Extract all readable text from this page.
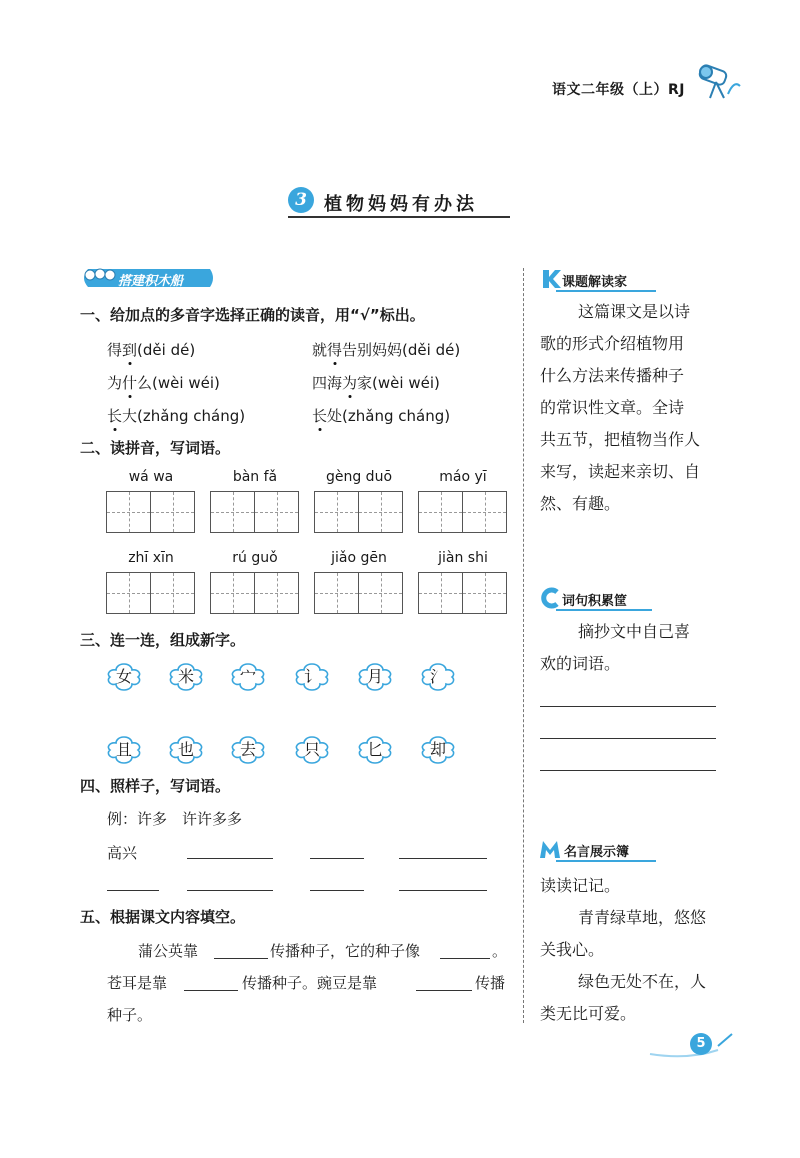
语文二年级（上）RJ
3 植物妈妈有办法
搭建积木船
一、给加点的多音字选择正确的读音，用“√”标出。
得到(děi dé)	就得告别妈妈(děi dé)
为什么(wèi wéi)	四海为家(wèi wéi)
长大(zhǎng cháng)	长处(zhǎng cháng)
二、读拼音，写词语。
wá wa	bàn fǎ	gèng duō	máo yī
zhī xīn	rú guǒ	jiǎo gēn	jiàn shi
三、连一连，组成新字。
女	米	宀	讠	月	氵
且	也	去	只	匕	却
四、照样子，写词语。
例：许多　许许多多
高兴
五、根据课文内容填空。
蒲公英靠	传播种子，它的种子像	。
苍耳是靠	传播种子。豌豆是靠	传播
种子。
课题解读家
这篇课文是以诗
歌的形式介绍植物用
什么方法来传播种子
的常识性文章。全诗
共五节，把植物当作人
来写，读起来亲切、自
然、有趣。
词句积累筐
摘抄文中自己喜
欢的词语。
名言展示簿
读读记记。
青青绿草地，悠悠
关我心。
绿色无处不在，人
类无比可爱。
5
